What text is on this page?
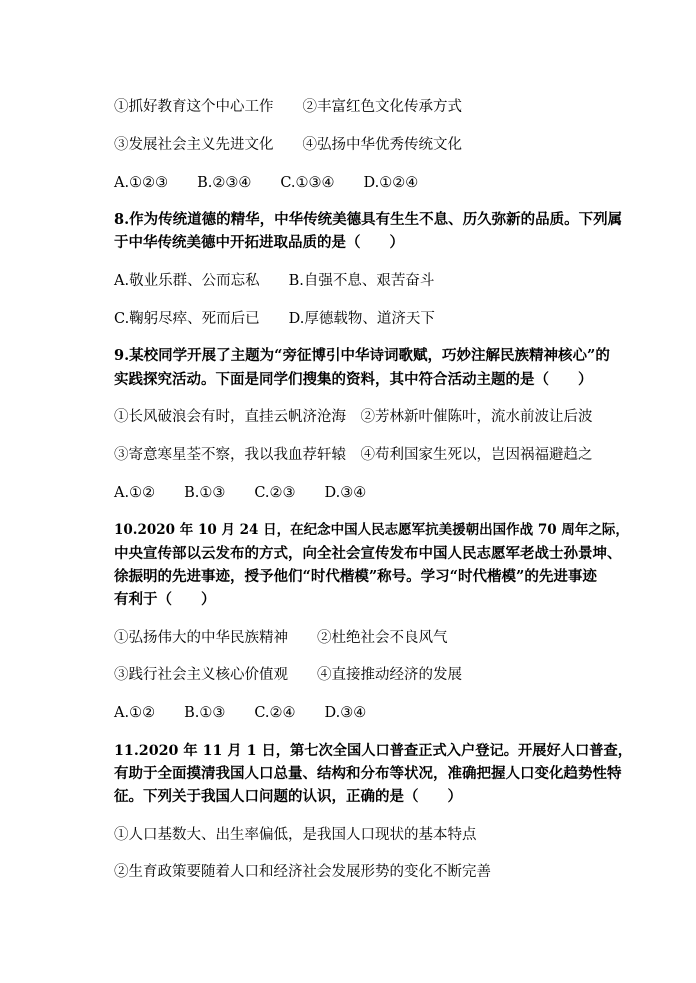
①抓好教育这个中心工作　　②丰富红色文化传承方式
③发展社会主义先进文化　　④弘扬中华优秀传统文化
A.①②③　　B.②③④　　C.①③④　　D.①②④
8.作为传统道德的精华，中华传统美德具有生生不息、历久弥新的品质。下列属
于中华传统美德中开拓进取品质的是（　　）
A.敬业乐群、公而忘私　　B.自强不息、艰苦奋斗
C.鞠躬尽瘁、死而后已　　D.厚德载物、道济天下
9.某校同学开展了主题为“旁征博引中华诗词歌赋，巧妙注解民族精神核心”的
实践探究活动。下面是同学们搜集的资料，其中符合活动主题的是（　　）
①长风破浪会有时，直挂云帆济沧海　②芳林新叶催陈叶，流水前波让后波
③寄意寒星荃不察，我以我血荐轩辕　④苟利国家生死以，岂因祸福避趋之
A.①②　　B.①③　　C.②③　　D.③④
10.2020 年 10 月 24 日，在纪念中国人民志愿军抗美援朝出国作战 70 周年之际，
中央宣传部以云发布的方式，向全社会宣传发布中国人民志愿军老战士孙景坤、
徐振明的先进事迹，授予他们“时代楷模”称号。学习“时代楷模”的先进事迹
有利于（　　）
①弘扬伟大的中华民族精神　　②杜绝社会不良风气
③践行社会主义核心价值观　　④直接推动经济的发展
A.①②　　B.①③　　C.②④　　D.③④
11.2020 年 11 月 1 日，第七次全国人口普查正式入户登记。开展好人口普查，
有助于全面摸清我国人口总量、结构和分布等状况，准确把握人口变化趋势性特
征。下列关于我国人口问题的认识，正确的是（　　）
①人口基数大、出生率偏低，是我国人口现状的基本特点
②生育政策要随着人口和经济社会发展形势的变化不断完善
